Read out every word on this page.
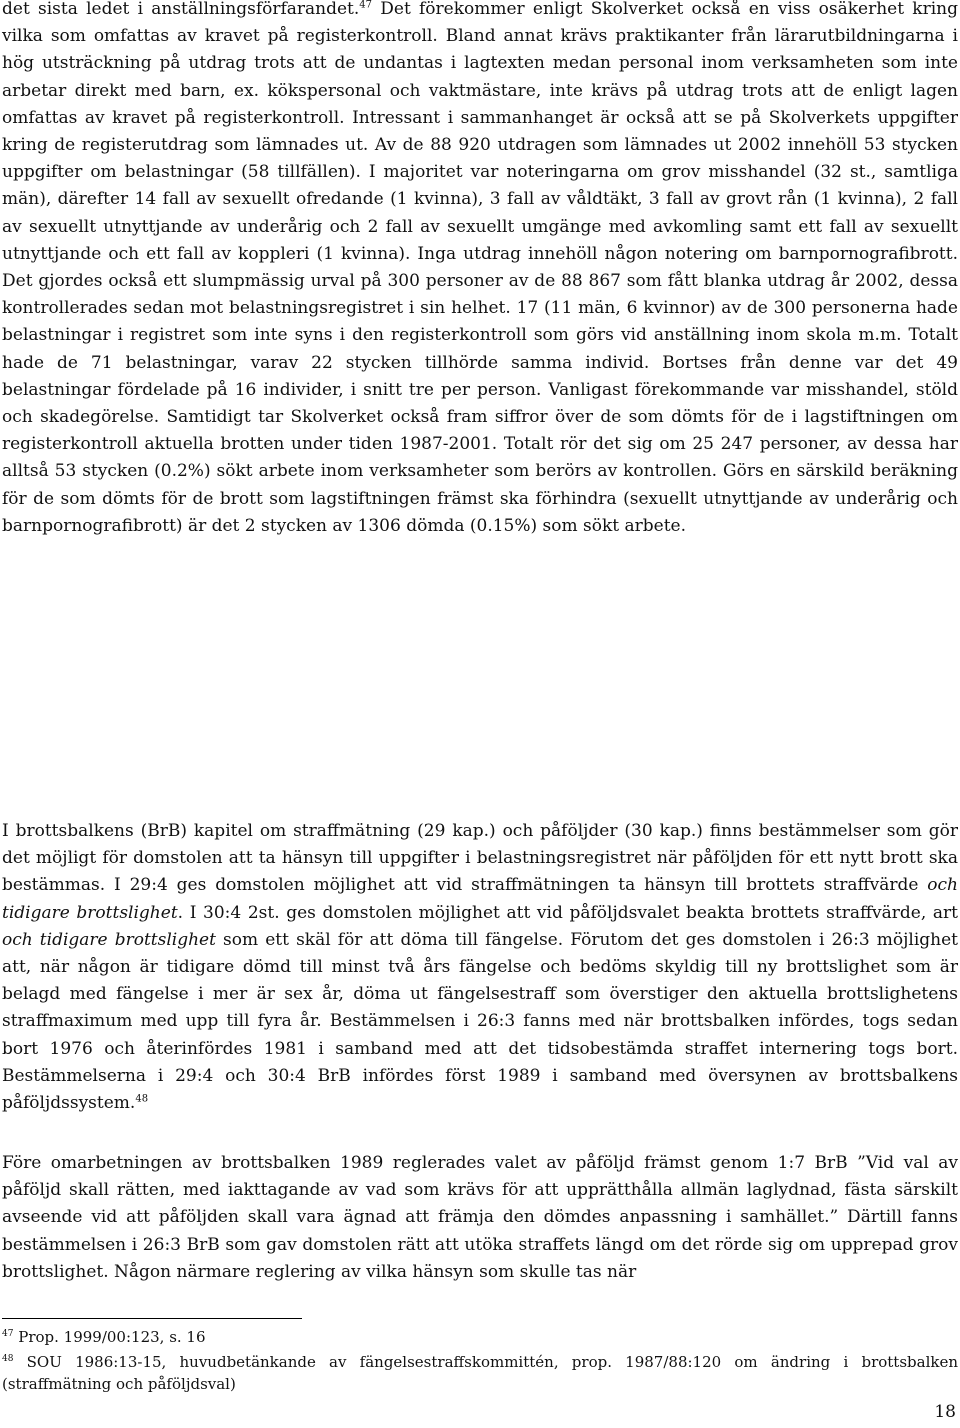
det sista ledet i anställningsförfarandet.$^{47}$ Det förekommer enligt Skolverket också en viss osäkerhet kring vilka som omfattas av kravet på registerkontroll. Bland annat krävs praktikanter från lärarutbildningarna i hög utsträckning på utdrag trots att de undantas i lagtexten medan personal inom verksamheten som inte arbetar direkt med barn, ex. kökspersonal och vaktmästare, inte krävs på utdrag trots att de enligt lagen omfattas av kravet på registerkontroll. Intressant i sammanhanget är också att se på Skolverkets uppgifter kring de registerutdrag som lämnades ut. Av de 88 920 utdragen som lämnades ut 2002 innehöll 53 stycken uppgifter om belastningar (58 tillfällen). I majoritet var noteringarna om grov misshandel (32 st., samtliga män), därefter 14 fall av sexuellt ofredande (1 kvinna), 3 fall av våldtäkt, 3 fall av grovt rån (1 kvinna), 2 fall av sexuellt utnyttjande av underårig och 2 fall av sexuellt umgänge med avkomling samt ett fall av sexuellt utnyttjande och ett fall av koppleri (1 kvinna). Inga utdrag innehöll någon notering om barnpornografibrott. Det gjordes också ett slumpmässig urval på 300 personer av de 88 867 som fått blanka utdrag år 2002, dessa kontrollerades sedan mot belastningsregistret i sin helhet. 17 (11 män, 6 kvinnor) av de 300 personerna hade belastningar i registret som inte syns i den registerkontroll som görs vid anställning inom skola m.m. Totalt hade de 71 belastningar, varav 22 stycken tillhörde samma individ. Bortses från denne var det 49 belastningar fördelade på 16 individer, i snitt tre per person. Vanligast förekommande var misshandel, stöld och skadegörelse. Samtidigt tar Skolverket också fram siffror över de som dömts för de i lagstiftningen om registerkontroll aktuella brotten under tiden 1987-2001. Totalt rör det sig om 25 247 personer, av dessa har alltså 53 stycken (0.2%) sökt arbete inom verksamheter som berörs av kontrollen. Görs en särskild beräkning för de som dömts för de brott som lagstiftningen främst ska förhindra (sexuellt utnyttjande av underårig och barnpornografibrott) är det 2 stycken av 1306 dömda (0.15%) som sökt arbete.

I brottsbalkens (BrB) kapitel om straffmätning (29 kap.) och påföljder (30 kap.) finns bestämmelser som gör det möjligt för domstolen att ta hänsyn till uppgifter i belastningsregistret när påföljden för ett nytt brott ska bestämmas. I 29:4 ges domstolen möjlighet att vid straffmätningen ta hänsyn till brottets straffvärde och tidigare brottslighet. I 30:4 2st. ges domstolen möjlighet att vid påföljdsvalet beakta brottets straffvärde, art och tidigare brottslighet som ett skäl för att döma till fängelse. Förutom det ges domstolen i 26:3 möjlighet att, när någon är tidigare dömd till minst två års fängelse och bedöms skyldig till ny brottslighet som är belagd med fängelse i mer är sex år, döma ut fängelsestraff som överstiger den aktuella brottslighetens straffmaximum med upp till fyra år. Bestämmelsen i 26:3 fanns med när brottsbalken infördes, togs sedan bort 1976 och återinfördes 1981 i samband med att det tidsobestämda straffet internering togs bort. Bestämmelserna i 29:4 och 30:4 BrB infördes först 1989 i samband med översynen av brottsbalkens påföljdssystem.$^{48}$

Före omarbetningen av brottsbalken 1989 reglerades valet av påföljd främst genom 1:7 BrB ”Vid val av påföljd skall rätten, med iakttagande av vad som krävs för att upprätthålla allmän laglydnad, fästa särskilt avseende vid att påföljden skall vara ägnad att främja den dömdes anpassning i samhället.” Därtill fanns bestämmelsen i 26:3 BrB som gav domstolen rätt att utöka straffets längd om det rörde sig om upprepad grov brottslighet. Någon närmare reglering av vilka hänsyn som skulle tas när

$^{47}$ Prop. 1999/00:123, s. 16

$^{48}$ SOU 1986:13-15, huvudbetänkande av fängelsestraffskommittén, prop. 1987/88:120 om ändring i brottsbalken (straffmätning och påföljdsval)

18
